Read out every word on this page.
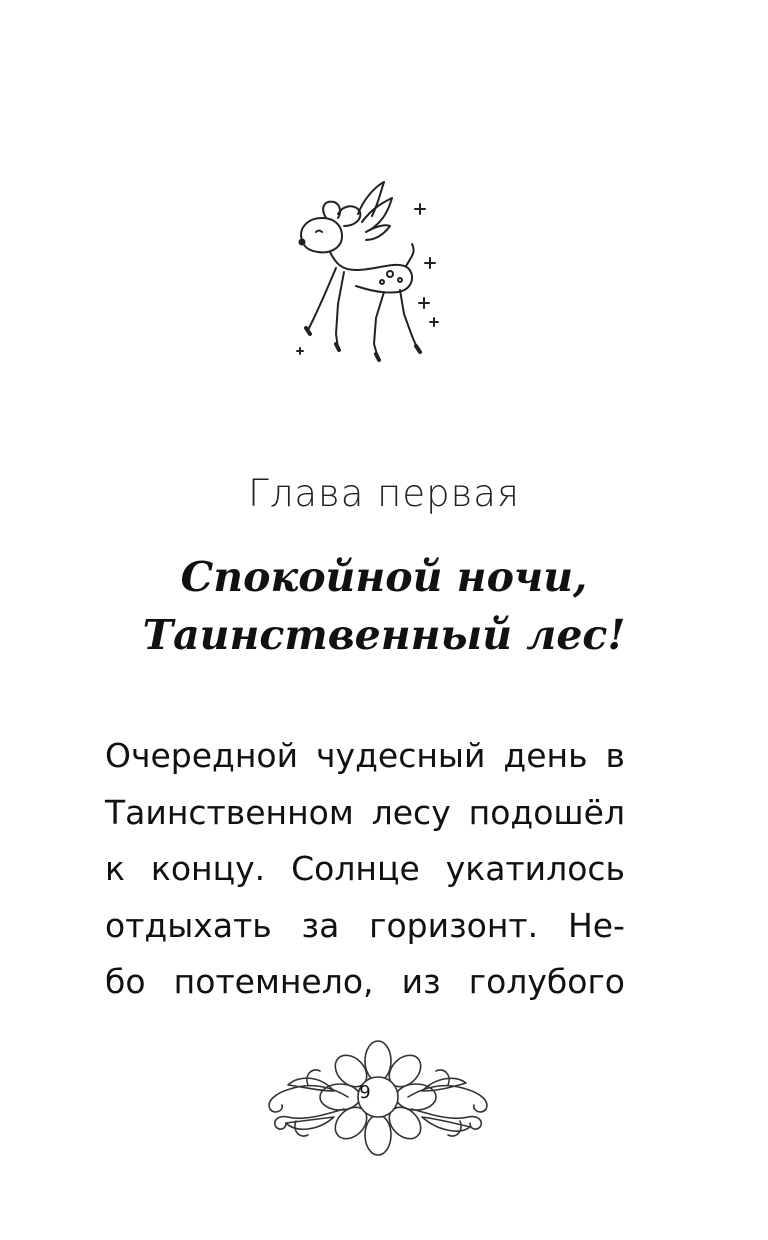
Глава первая
Спокойной ночи,
Таинственный лес!
Очередной чудесный день в
Таинственном лесу подошёл
к концу. Солнце укатилось
отдыхать за горизонт. Не-
бо потемнело, из голубого
9
